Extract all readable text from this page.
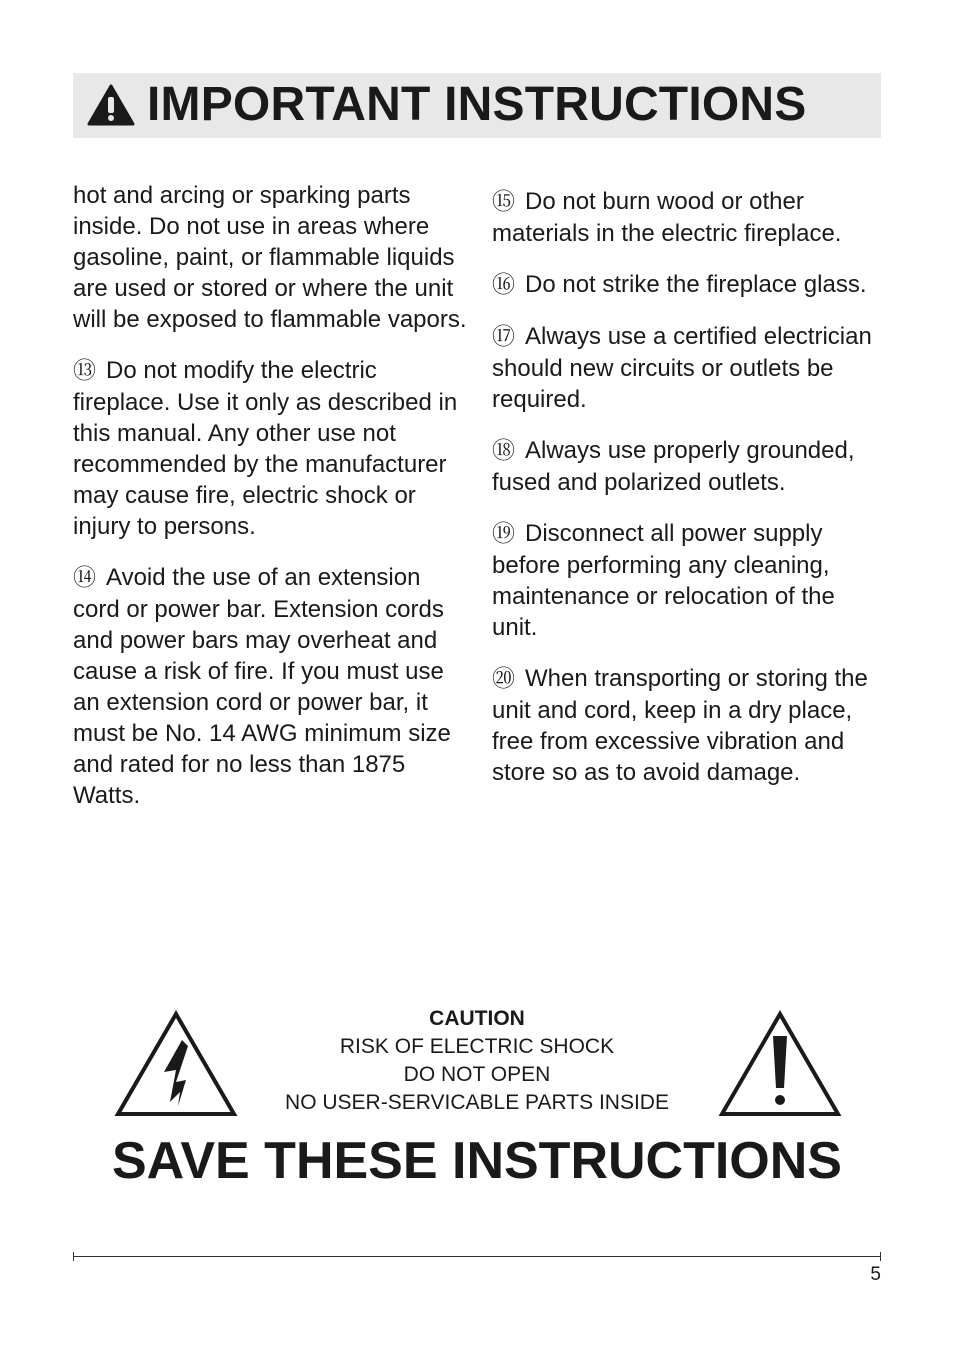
IMPORTANT INSTRUCTIONS

hot and arcing or sparking parts inside. Do not use in areas where gasoline, paint, or flammable liquids are used or stored or where the unit will be exposed to flammable vapors.

⑬ Do not modify the electric fireplace. Use it only as described in this manual. Any other use not recommended by the manufacturer may cause fire, electric shock or injury to persons.

⑭ Avoid the use of an extension cord or power bar. Extension cords and power bars may overheat and cause a risk of fire. If you must use an extension cord or power bar, it must be No. 14 AWG minimum size and rated for no less than 1875 Watts.

⑮ Do not burn wood or other materials in the electric fireplace.

⑯ Do not strike the fireplace glass.

⑰ Always use a certified electrician should new circuits or outlets be required.

⑱ Always use properly grounded, fused and polarized outlets.

⑲ Disconnect all power supply before performing any cleaning, maintenance or relocation of the unit.

⑳ When transporting or storing the unit and cord, keep in a dry place, free from excessive vibration and store so as to avoid damage.

CAUTION
RISK OF ELECTRIC SHOCK
DO NOT OPEN
NO USER-SERVICABLE PARTS INSIDE
SAVE THESE INSTRUCTIONS
5
